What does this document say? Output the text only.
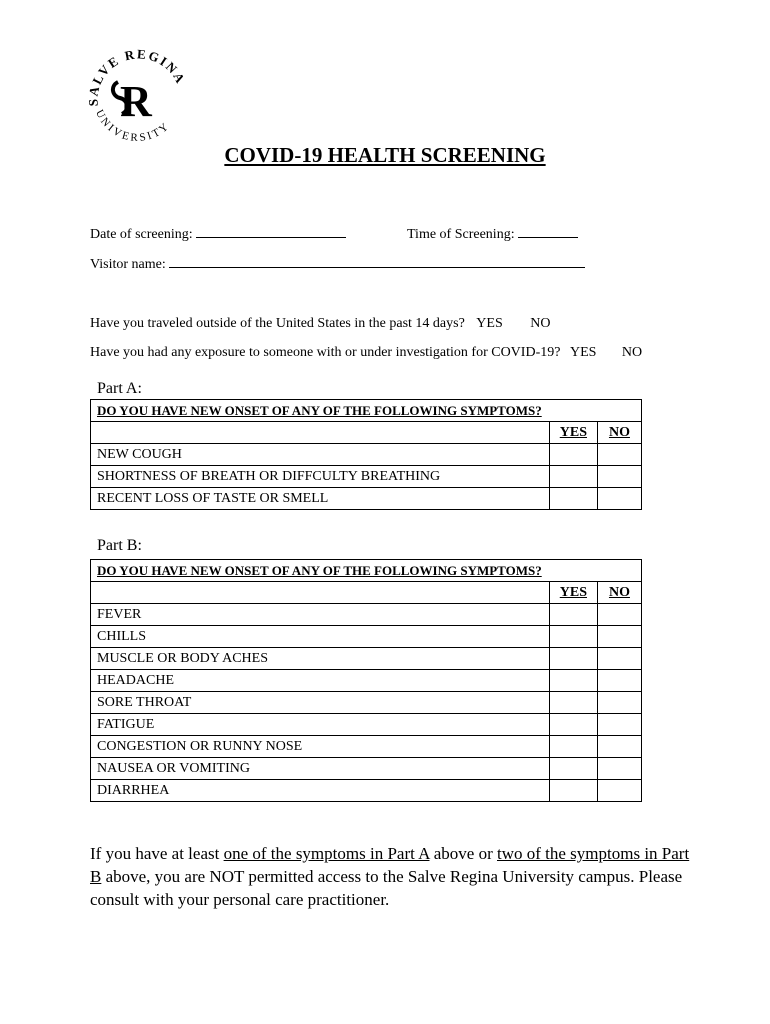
SALVE REGINA
UNIVERSITY
R
COVID-19 HEALTH SCREENING
Date of screening:	Time of Screening:
Visitor name:
Have you traveled outside of the United States in the past 14 days? YES NO
Have you had any exposure to someone with or under investigation for COVID-19? YES NO
Part A:
DO YOU HAVE NEW ONSET OF ANY OF THE FOLLOWING SYMPTOMS?		
	YES	NO
NEW COUGH		
SHORTNESS OF BREATH OR DIFFCULTY BREATHING		
RECENT LOSS OF TASTE OR SMELL		
Part B:
DO YOU HAVE NEW ONSET OF ANY OF THE FOLLOWING SYMPTOMS?		
	YES	NO
FEVER		
CHILLS		
MUSCLE OR BODY ACHES		
HEADACHE		
SORE THROAT		
FATIGUE		
CONGESTION OR RUNNY NOSE		
NAUSEA OR VOMITING		
DIARRHEA		
If you have at least one of the symptoms in Part A above or two of the symptoms in Part B above, you are NOT permitted access to the Salve Regina University campus. Please consult with your personal care practitioner.
